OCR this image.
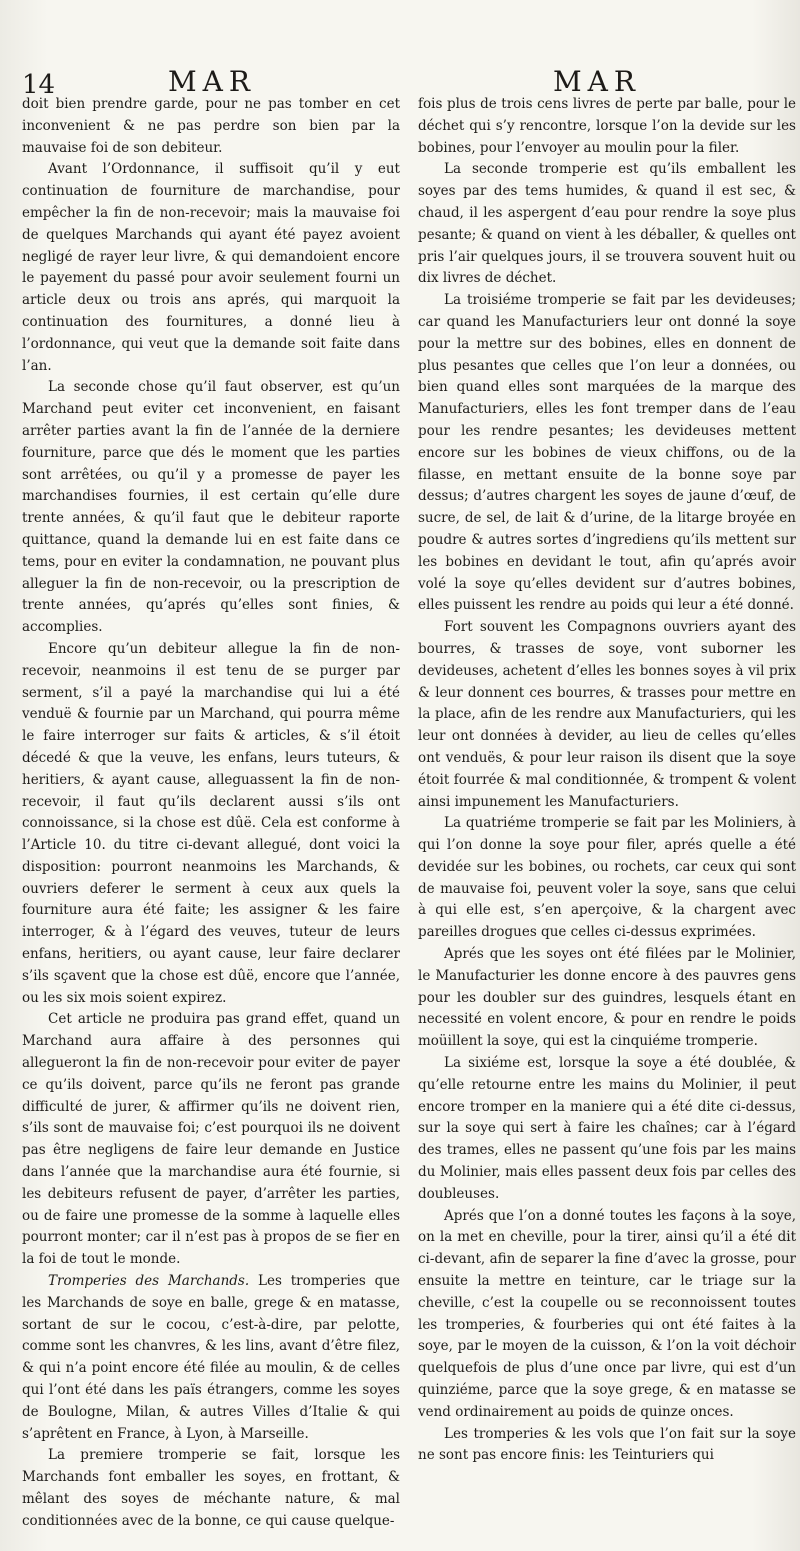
14	MAR	MAR

doit bien prendre garde, pour ne pas tomber en cet inconvenient & ne pas perdre son bien par la mauvaise foi de son debiteur.

Avant l’Ordonnance, il suffisoit qu’il y eut continuation de fourniture de marchandise, pour empêcher la fin de non-recevoir; mais la mauvaise foi de quelques Marchands qui ayant été payez avoient negligé de rayer leur livre, & qui demandoient encore le payement du passé pour avoir seulement fourni un article deux ou trois ans aprés, qui marquoit la continuation des fournitures, a donné lieu à l’ordonnance, qui veut que la demande soit faite dans l’an.

La seconde chose qu’il faut observer, est qu’un Marchand peut eviter cet inconvenient, en faisant arrêter parties avant la fin de l’année de la derniere fourniture, parce que dés le moment que les parties sont arrêtées, ou qu’il y a promesse de payer les marchandises fournies, il est certain qu’elle dure trente années, & qu’il faut que le debiteur raporte quittance, quand la demande lui en est faite dans ce tems, pour en eviter la condamnation, ne pouvant plus alleguer la fin de non-recevoir, ou la prescription de trente années, qu’aprés qu’elles sont finies, & accomplies.

Encore qu’un debiteur allegue la fin de non-recevoir, neanmoins il est tenu de se purger par serment, s’il a payé la marchandise qui lui a été venduë & fournie par un Marchand, qui pourra même le faire interroger sur faits & articles, & s’il étoit décedé & que la veuve, les enfans, leurs tuteurs, & heritiers, & ayant cause, alleguassent la fin de non-recevoir, il faut qu’ils declarent aussi s’ils ont connoissance, si la chose est dûë. Cela est conforme à l’Article 10. du titre ci-devant allegué, dont voici la disposition: pourront neanmoins les Marchands, & ouvriers deferer le serment à ceux aux quels la fourniture aura été faite; les assigner & les faire interroger, & à l’égard des veuves, tuteur de leurs enfans, heritiers, ou ayant cause, leur faire declarer s’ils sçavent que la chose est dûë, encore que l’année, ou les six mois soient expirez.

Cet article ne produira pas grand effet, quand un Marchand aura affaire à des personnes qui allegueront la fin de non-recevoir pour eviter de payer ce qu’ils doivent, parce qu’ils ne feront pas grande difficulté de jurer, & affirmer qu’ils ne doivent rien, s’ils sont de mauvaise foi; c’est pourquoi ils ne doivent pas être negligens de faire leur demande en Justice dans l’année que la marchandise aura été fournie, si les debiteurs refusent de payer, d’arrêter les parties, ou de faire une promesse de la somme à laquelle elles pourront monter; car il n’est pas à propos de se fier en la foi de tout le monde.

Tromperies des Marchands. Les tromperies que les Marchands de soye en balle, grege & en matasse, sortant de sur le cocou, c’est-à-dire, par pelotte, comme sont les chanvres, & les lins, avant d’être filez, & qui n’a point encore été filée au moulin, & de celles qui l’ont été dans les païs étrangers, comme les soyes de Boulogne, Milan, & autres Villes d’Italie & qui s’aprêtent en France, à Lyon, à Marseille.

La premiere tromperie se fait, lorsque les Marchands font emballer les soyes, en frottant, & mêlant des soyes de méchante nature, & mal conditionnées avec de la bonne, ce qui cause quelque-

fois plus de trois cens livres de perte par balle, pour le déchet qui s’y rencontre, lorsque l’on la devide sur les bobines, pour l’envoyer au moulin pour la filer.

La seconde tromperie est qu’ils emballent les soyes par des tems humides, & quand il est sec, & chaud, il les aspergent d’eau pour rendre la soye plus pesante; & quand on vient à les déballer, & quelles ont pris l’air quelques jours, il se trouvera souvent huit ou dix livres de déchet.

La troisiéme tromperie se fait par les devideuses; car quand les Manufacturiers leur ont donné la soye pour la mettre sur des bobines, elles en donnent de plus pesantes que celles que l’on leur a données, ou bien quand elles sont marquées de la marque des Manufacturiers, elles les font tremper dans de l’eau pour les rendre pesantes; les devideuses mettent encore sur les bobines de vieux chiffons, ou de la filasse, en mettant ensuite de la bonne soye par dessus; d’autres chargent les soyes de jaune d’œuf, de sucre, de sel, de lait & d’urine, de la litarge broyée en poudre & autres sortes d’ingrediens qu’ils mettent sur les bobines en devidant le tout, afin qu’aprés avoir volé la soye qu’elles devident sur d’autres bobines, elles puissent les rendre au poids qui leur a été donné.

Fort souvent les Compagnons ouvriers ayant des bourres, & trasses de soye, vont suborner les devideuses, achetent d’elles les bonnes soyes à vil prix & leur donnent ces bourres, & trasses pour mettre en la place, afin de les rendre aux Manufacturiers, qui les leur ont données à devider, au lieu de celles qu’elles ont venduës, & pour leur raison ils disent que la soye étoit fourrée & mal conditionnée, & trompent & volent ainsi impunement les Manufacturiers.

La quatriéme tromperie se fait par les Moliniers, à qui l’on donne la soye pour filer, aprés quelle a été devidée sur les bobines, ou rochets, car ceux qui sont de mauvaise foi, peuvent voler la soye, sans que celui à qui elle est, s’en aperçoive, & la chargent avec pareilles drogues que celles ci-dessus exprimées.

Aprés que les soyes ont été filées par le Molinier, le Manufacturier les donne encore à des pauvres gens pour les doubler sur des guindres, lesquels étant en necessité en volent encore, & pour en rendre le poids moüillent la soye, qui est la cinquiéme tromperie.

La sixiéme est, lorsque la soye a été doublée, & qu’elle retourne entre les mains du Molinier, il peut encore tromper en la maniere qui a été dite ci-dessus, sur la soye qui sert à faire les chaînes; car à l’égard des trames, elles ne passent qu’une fois par les mains du Molinier, mais elles passent deux fois par celles des doubleuses.

Aprés que l’on a donné toutes les façons à la soye, on la met en cheville, pour la tirer, ainsi qu’il a été dit ci-devant, afin de separer la fine d’avec la grosse, pour ensuite la mettre en teinture, car le triage sur la cheville, c’est la coupelle ou se reconnoissent toutes les tromperies, & fourberies qui ont été faites à la soye, par le moyen de la cuisson, & l’on la voit déchoir quelquefois de plus d’une once par livre, qui est d’un quinziéme, parce que la soye grege, & en matasse se vend ordinairement au poids de quinze onces.

Les tromperies & les vols que l’on fait sur la soye ne sont pas encore finis: les Teinturiers qui
